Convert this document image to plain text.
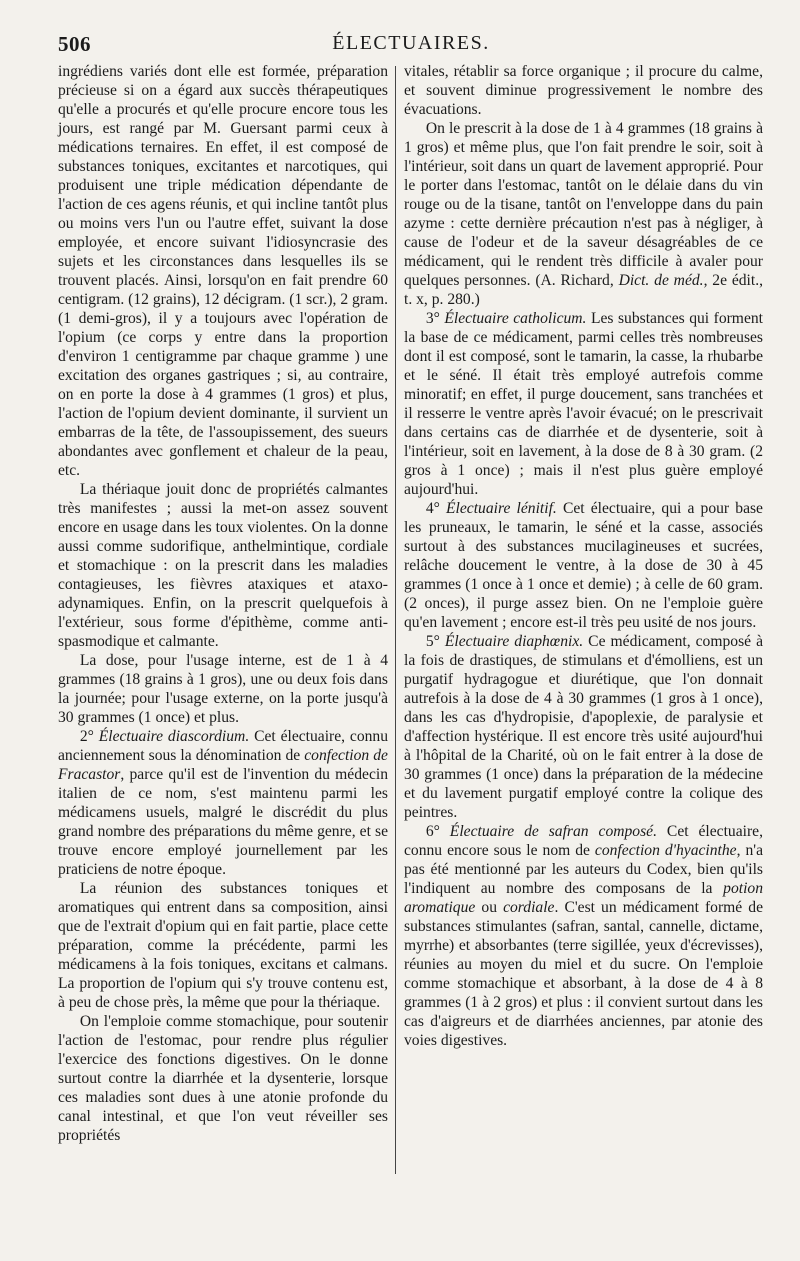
506	ÉLECTUAIRES.

ingrédiens variés dont elle est formée, préparation précieuse si on a égard aux succès thérapeutiques qu'elle a procurés et qu'elle procure encore tous les jours, est rangé par M. Guersant parmi ceux à médications ternaires. En effet, il est composé de substances toniques, excitantes et narcotiques, qui produisent une triple médication dépendante de l'action de ces agens réunis, et qui incline tantôt plus ou moins vers l'un ou l'autre effet, suivant la dose employée, et encore suivant l'idiosyncrasie des sujets et les circonstances dans lesquelles ils se trouvent placés. Ainsi, lorsqu'on en fait prendre 60 centigram. (12 grains), 12 décigram. (1 scr.), 2 gram. (1 demi-gros), il y a toujours avec l'opération de l'opium (ce corps y entre dans la proportion d'environ 1 centigramme par chaque gramme ) une excitation des organes gastriques ; si, au contraire, on en porte la dose à 4 grammes (1 gros) et plus, l'action de l'opium devient dominante, il survient un embarras de la tête, de l'assoupissement, des sueurs abondantes avec gonflement et chaleur de la peau, etc.

La thériaque jouit donc de propriétés calmantes très manifestes ; aussi la met-on assez souvent encore en usage dans les toux violentes. On la donne aussi comme sudorifique, anthelmintique, cordiale et stomachique : on la prescrit dans les maladies contagieuses, les fièvres ataxiques et ataxo-adynamiques. Enfin, on la prescrit quelquefois à l'extérieur, sous forme d'épithème, comme anti-spasmodique et calmante.

La dose, pour l'usage interne, est de 1 à 4 grammes (18 grains à 1 gros), une ou deux fois dans la journée; pour l'usage externe, on la porte jusqu'à 30 grammes (1 once) et plus.

2° Électuaire diascordium. Cet électuaire, connu anciennement sous la dénomination de confection de Fracastor, parce qu'il est de l'invention du médecin italien de ce nom, s'est maintenu parmi les médicamens usuels, malgré le discrédit du plus grand nombre des préparations du même genre, et se trouve encore employé journellement par les praticiens de notre époque.

La réunion des substances toniques et aromatiques qui entrent dans sa composition, ainsi que de l'extrait d'opium qui en fait partie, place cette préparation, comme la précédente, parmi les médicamens à la fois toniques, excitans et calmans. La proportion de l'opium qui s'y trouve contenu est, à peu de chose près, la même que pour la thériaque.

On l'emploie comme stomachique, pour soutenir l'action de l'estomac, pour rendre plus régulier l'exercice des fonctions digestives. On le donne surtout contre la diarrhée et la dysenterie, lorsque ces maladies sont dues à une atonie profonde du canal intestinal, et que l'on veut réveiller ses propriétés

vitales, rétablir sa force organique ; il procure du calme, et souvent diminue progressivement le nombre des évacuations.

On le prescrit à la dose de 1 à 4 grammes (18 grains à 1 gros) et même plus, que l'on fait prendre le soir, soit à l'intérieur, soit dans un quart de lavement approprié. Pour le porter dans l'estomac, tantôt on le délaie dans du vin rouge ou de la tisane, tantôt on l'enveloppe dans du pain azyme : cette dernière précaution n'est pas à négliger, à cause de l'odeur et de la saveur désagréables de ce médicament, qui le rendent très difficile à avaler pour quelques personnes. (A. Richard, Dict. de méd., 2e édit., t. x, p. 280.)

3° Électuaire catholicum. Les substances qui forment la base de ce médicament, parmi celles très nombreuses dont il est composé, sont le tamarin, la casse, la rhubarbe et le séné. Il était très employé autrefois comme minoratif; en effet, il purge doucement, sans tranchées et il resserre le ventre après l'avoir évacué; on le prescrivait dans certains cas de diarrhée et de dysenterie, soit à l'intérieur, soit en lavement, à la dose de 8 à 30 gram. (2 gros à 1 once) ; mais il n'est plus guère employé aujourd'hui.

4° Électuaire lénitif. Cet électuaire, qui a pour base les pruneaux, le tamarin, le séné et la casse, associés surtout à des substances mucilagineuses et sucrées, relâche doucement le ventre, à la dose de 30 à 45 grammes (1 once à 1 once et demie) ; à celle de 60 gram. (2 onces), il purge assez bien. On ne l'emploie guère qu'en lavement ; encore est-il très peu usité de nos jours.

5° Électuaire diaphœnix. Ce médicament, composé à la fois de drastiques, de stimulans et d'émolliens, est un purgatif hydragogue et diurétique, que l'on donnait autrefois à la dose de 4 à 30 grammes (1 gros à 1 once), dans les cas d'hydropisie, d'apoplexie, de paralysie et d'affection hystérique. Il est encore très usité aujourd'hui à l'hôpital de la Charité, où on le fait entrer à la dose de 30 grammes (1 once) dans la préparation de la médecine et du lavement purgatif employé contre la colique des peintres.

6° Électuaire de safran composé. Cet électuaire, connu encore sous le nom de confection d'hyacinthe, n'a pas été mentionné par les auteurs du Codex, bien qu'ils l'indiquent au nombre des composans de la potion aromatique ou cordiale. C'est un médicament formé de substances stimulantes (safran, santal, cannelle, dictame, myrrhe) et absorbantes (terre sigillée, yeux d'écrevisses), réunies au moyen du miel et du sucre. On l'emploie comme stomachique et absorbant, à la dose de 4 à 8 grammes (1 à 2 gros) et plus : il convient surtout dans les cas d'aigreurs et de diarrhées anciennes, par atonie des voies digestives.
